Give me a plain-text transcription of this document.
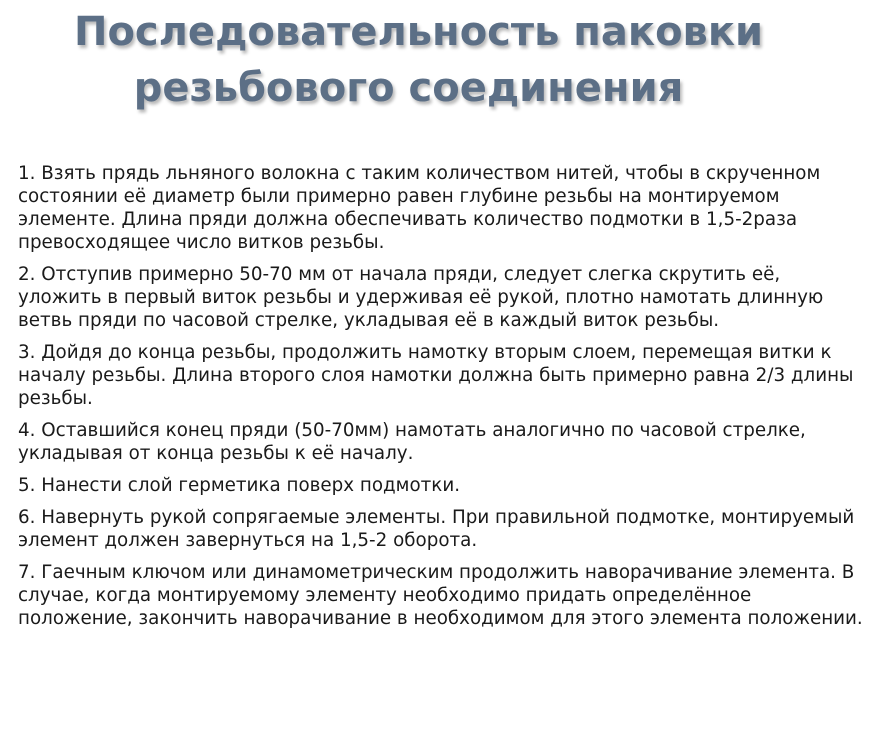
Последовательность паковки
резьбового соединения
1. Взять прядь льняного волокна с таким количеством нитей, чтобы в скрученном состоянии её диаметр были примерно равен глубине резьбы на монтируемом элементе. Длина пряди должна обеспечивать количество подмотки в 1,5-2раза превосходящее число витков резьбы.
2. Отступив примерно 50-70 мм от начала пряди, следует слегка скрутить её, уложить в первый виток резьбы и удерживая её рукой, плотно намотать длинную ветвь пряди по часовой стрелке, укладывая её в каждый виток резьбы.
3. Дойдя до конца резьбы, продолжить намотку вторым слоем, перемещая витки к началу резьбы. Длина второго слоя намотки должна быть примерно равна 2/3 длины резьбы.
4. Оставшийся конец пряди (50-70мм) намотать аналогично по часовой стрелке, укладывая от конца резьбы к её началу.
5. Нанести слой герметика поверх подмотки.
6. Навернуть рукой сопрягаемые элементы. При правильной подмотке, монтируемый элемент должен завернуться на 1,5-2 оборота.
7. Гаечным ключом или динамометрическим продолжить наворачивание элемента. В случае, когда монтируемому элементу необходимо придать определённое положение, закончить наворачивание в необходимом для этого элемента положении.
